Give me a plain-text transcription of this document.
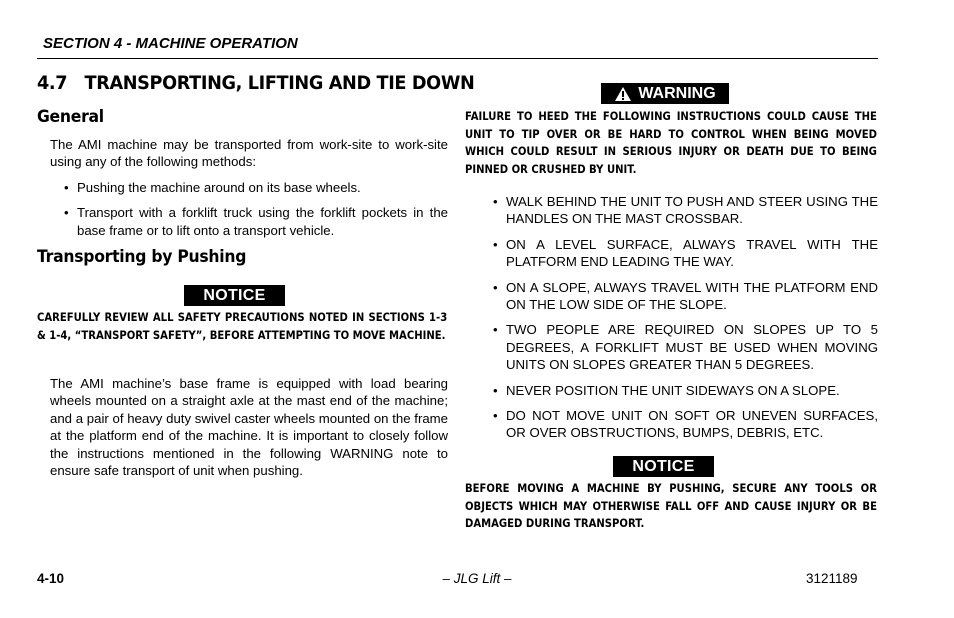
SECTION 4 - MACHINE OPERATION
4.7   TRANSPORTING, LIFTING AND TIE DOWN
General
The AMI machine may be transported from work-site to work-site using any of the following methods:
• Pushing the machine around on its base wheels.
• Transport with a forklift truck using the forklift pockets in the base frame or to lift onto a transport vehicle.
Transporting by Pushing
NOTICE
CAREFULLY REVIEW ALL SAFETY PRECAUTIONS NOTED IN SECTIONS 1-3 & 1-4, “TRANSPORT SAFETY”, BEFORE ATTEMPTING TO MOVE MACHINE.
The AMI machine’s base frame is equipped with load bearing wheels mounted on a straight axle at the mast end of the machine; and a pair of heavy duty swivel caster wheels mounted on the frame at the platform end of the machine. It is important to closely follow the instructions mentioned in the following WARNING note to ensure safe transport of unit when pushing.
WARNING
FAILURE TO HEED THE FOLLOWING INSTRUCTIONS COULD CAUSE THE UNIT TO TIP OVER OR BE HARD TO CONTROL WHEN BEING MOVED WHICH COULD RESULT IN SERIOUS INJURY OR DEATH DUE TO BEING PINNED OR CRUSHED BY UNIT.
• WALK BEHIND THE UNIT TO PUSH AND STEER USING THE HANDLES ON THE MAST CROSSBAR.
• ON A LEVEL SURFACE, ALWAYS TRAVEL WITH THE PLATFORM END LEADING THE WAY.
• ON A SLOPE, ALWAYS TRAVEL WITH THE PLATFORM END ON THE LOW SIDE OF THE SLOPE.
• TWO PEOPLE ARE REQUIRED ON SLOPES UP TO 5 DEGREES, A FORKLIFT MUST BE USED WHEN MOVING UNITS ON SLOPES GREATER THAN 5 DEGREES.
• NEVER POSITION THE UNIT SIDEWAYS ON A SLOPE.
• DO NOT MOVE UNIT ON SOFT OR UNEVEN SURFACES, OR OVER OBSTRUCTIONS, BUMPS, DEBRIS, ETC.
NOTICE
BEFORE MOVING A MACHINE BY PUSHING, SECURE ANY TOOLS OR OBJECTS WHICH MAY OTHERWISE FALL OFF AND CAUSE INJURY OR BE DAMAGED DURING TRANSPORT.
4-10	– JLG Lift –	3121189
